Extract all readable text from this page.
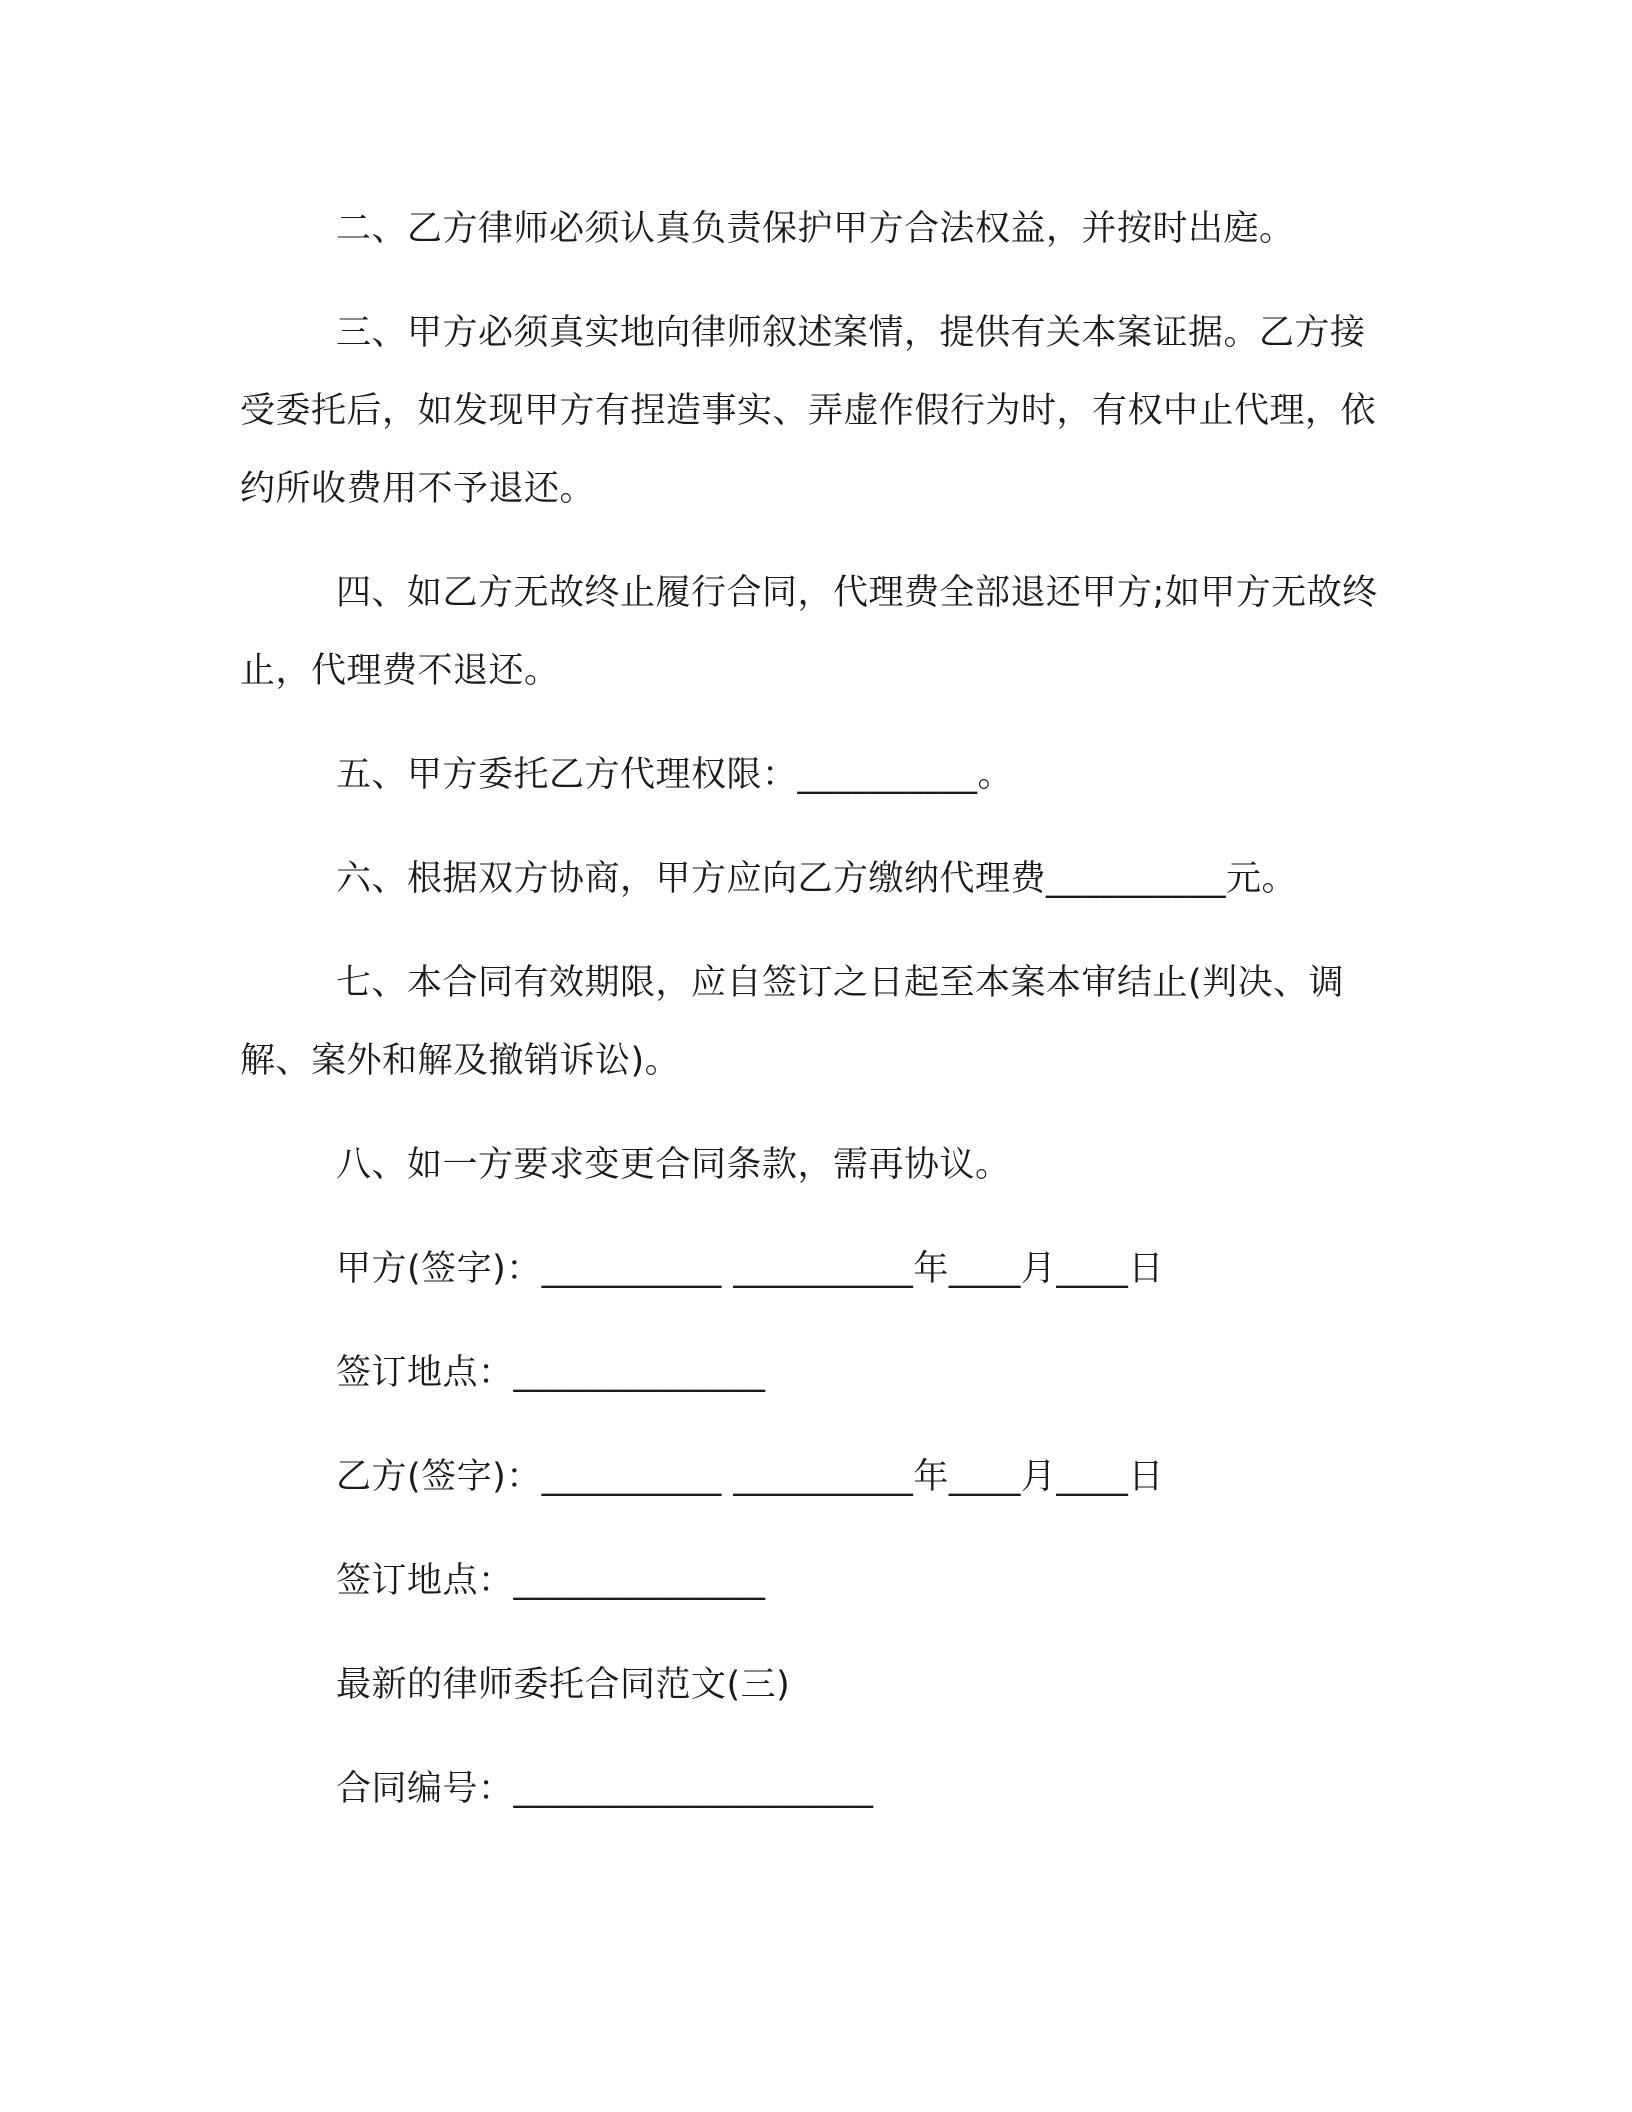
二、乙方律师必须认真负责保护甲方合法权益，并按时出庭。

三、甲方必须真实地向律师叙述案情，提供有关本案证据。乙方接受委托后，如发现甲方有捏造事实、弄虚作假行为时，有权中止代理，依约所收费用不予退还。

四、如乙方无故终止履行合同，代理费全部退还甲方;如甲方无故终止，代理费不退还。

五、甲方委托乙方代理权限：__________。

六、根据双方协商，甲方应向乙方缴纳代理费__________元。

七、本合同有效期限，应自签订之日起至本案本审结止(判决、调解、案外和解及撤销诉讼)。

八、如一方要求变更合同条款，需再协议。

甲方(签字)：__________ __________年____月____日

签订地点：______________

乙方(签字)：__________ __________年____月____日

签订地点：______________

最新的律师委托合同范文(三)

合同编号：____________________
